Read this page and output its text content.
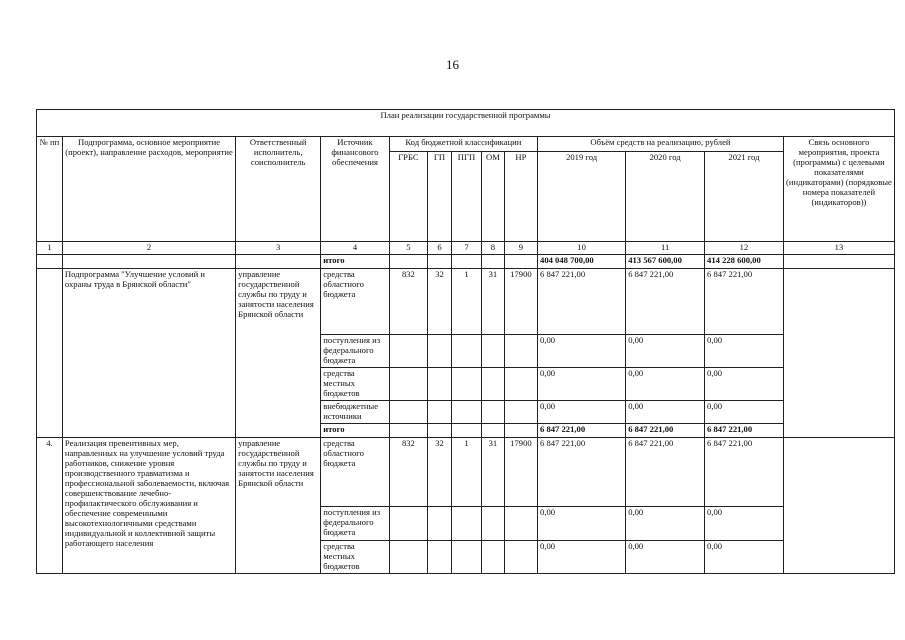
16
План реализации государственной программы												
№ пп	Подпрограмма, основное мероприятие (проект), направление расходов, мероприятие	Ответственный исполнитель, соисполнитель	Источник финансового обеспечения	Код бюджетной классификации					Объём средств на реализацию, рублей			Связь основного мероприятия, проекта (программы) с целевыми показателями (индикаторами) (порядковые номера показателей (индикаторов))
				ГРБС	ГП	ПГП	ОМ	НР	2019 год	2020 год	2021 год	
1	2	3	4	5	6	7	8	9	10	11	12	13
			итого						404 048 700,00	413 567 600,00	414 228 600,00	
	Подпрограмма "Улучшение условий и охраны труда в Брянской области"	управление государственной службы по труду и занятости населения Брянской области	средства областного бюджета	832	32	1	31	17900	6 847 221,00	6 847 221,00	6 847 221,00	
			поступления из федерального бюджета						0,00	0,00	0,00	
			средства местных бюджетов						0,00	0,00	0,00	
			внебюджетные источники						0,00	0,00	0,00	
			итого						6 847 221,00	6 847 221,00	6 847 221,00	
4.	Реализация превентивных мер, направленных на улучшение условий труда работников, снижение уровня производственного травматизма и профессиональной заболеваемости, включая совершенствование лечебно-профилактического обслуживания и обеспечение современными высокотехнологичными средствами индивидуальной и коллективной защиты работающего населения	управление государственной службы по труду и занятости населения Брянской области	средства областного бюджета	832	32	1	31	17900	6 847 221,00	6 847 221,00	6 847 221,00	
			поступления из федерального бюджета						0,00	0,00	0,00	
			средства местных бюджетов						0,00	0,00	0,00	
